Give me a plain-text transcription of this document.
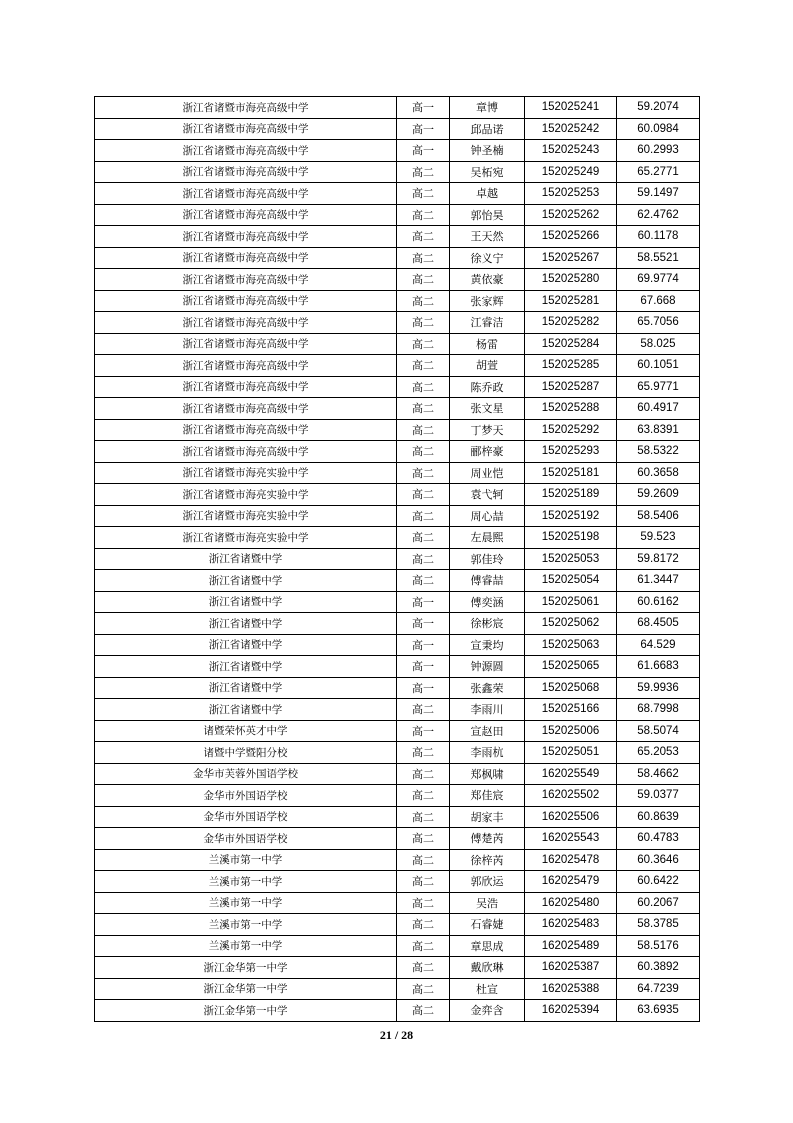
浙江省诸暨市海亮高级中学	高一	章博	152025241	59.2074
浙江省诸暨市海亮高级中学	高一	邱品诺	152025242	60.0984
浙江省诸暨市海亮高级中学	高一	钟圣楠	152025243	60.2993
浙江省诸暨市海亮高级中学	高二	吴柘宛	152025249	65.2771
浙江省诸暨市海亮高级中学	高二	卓越	152025253	59.1497
浙江省诸暨市海亮高级中学	高二	郭怡昊	152025262	62.4762
浙江省诸暨市海亮高级中学	高二	王天然	152025266	60.1178
浙江省诸暨市海亮高级中学	高二	徐义宁	152025267	58.5521
浙江省诸暨市海亮高级中学	高二	黄依豪	152025280	69.9774
浙江省诸暨市海亮高级中学	高二	张家辉	152025281	67.668
浙江省诸暨市海亮高级中学	高二	江睿洁	152025282	65.7056
浙江省诸暨市海亮高级中学	高二	杨雷	152025284	58.025
浙江省诸暨市海亮高级中学	高二	胡萱	152025285	60.1051
浙江省诸暨市海亮高级中学	高二	陈乔政	152025287	65.9771
浙江省诸暨市海亮高级中学	高二	张文星	152025288	60.4917
浙江省诸暨市海亮高级中学	高二	丁梦天	152025292	63.8391
浙江省诸暨市海亮高级中学	高二	郦梓豪	152025293	58.5322
浙江省诸暨市海亮实验中学	高二	周业恺	152025181	60.3658
浙江省诸暨市海亮实验中学	高二	袁弋轲	152025189	59.2609
浙江省诸暨市海亮实验中学	高二	周心喆	152025192	58.5406
浙江省诸暨市海亮实验中学	高二	左晨熙	152025198	59.523
浙江省诸暨中学	高二	郭佳玲	152025053	59.8172
浙江省诸暨中学	高二	傅睿喆	152025054	61.3447
浙江省诸暨中学	高一	傅奕涵	152025061	60.6162
浙江省诸暨中学	高一	徐彬宸	152025062	68.4505
浙江省诸暨中学	高一	宣秉均	152025063	64.529
浙江省诸暨中学	高一	钟源圆	152025065	61.6683
浙江省诸暨中学	高一	张鑫荣	152025068	59.9936
浙江省诸暨中学	高二	李雨川	152025166	68.7998
诸暨荣怀英才中学	高一	宣赵田	152025006	58.5074
诸暨中学暨阳分校	高二	李雨杭	152025051	65.2053
金华市芙蓉外国语学校	高二	郑枫啸	162025549	58.4662
金华市外国语学校	高二	郑佳宸	162025502	59.0377
金华市外国语学校	高二	胡家丰	162025506	60.8639
金华市外国语学校	高二	傅楚芮	162025543	60.4783
兰溪市第一中学	高二	徐梓芮	162025478	60.3646
兰溪市第一中学	高二	郭欣运	162025479	60.6422
兰溪市第一中学	高二	吴浩	162025480	60.2067
兰溪市第一中学	高二	石睿婕	162025483	58.3785
兰溪市第一中学	高二	章思成	162025489	58.5176
浙江金华第一中学	高二	戴欣琳	162025387	60.3892
浙江金华第一中学	高二	杜宣	162025388	64.7239
浙江金华第一中学	高二	金弈含	162025394	63.6935
21 / 28
